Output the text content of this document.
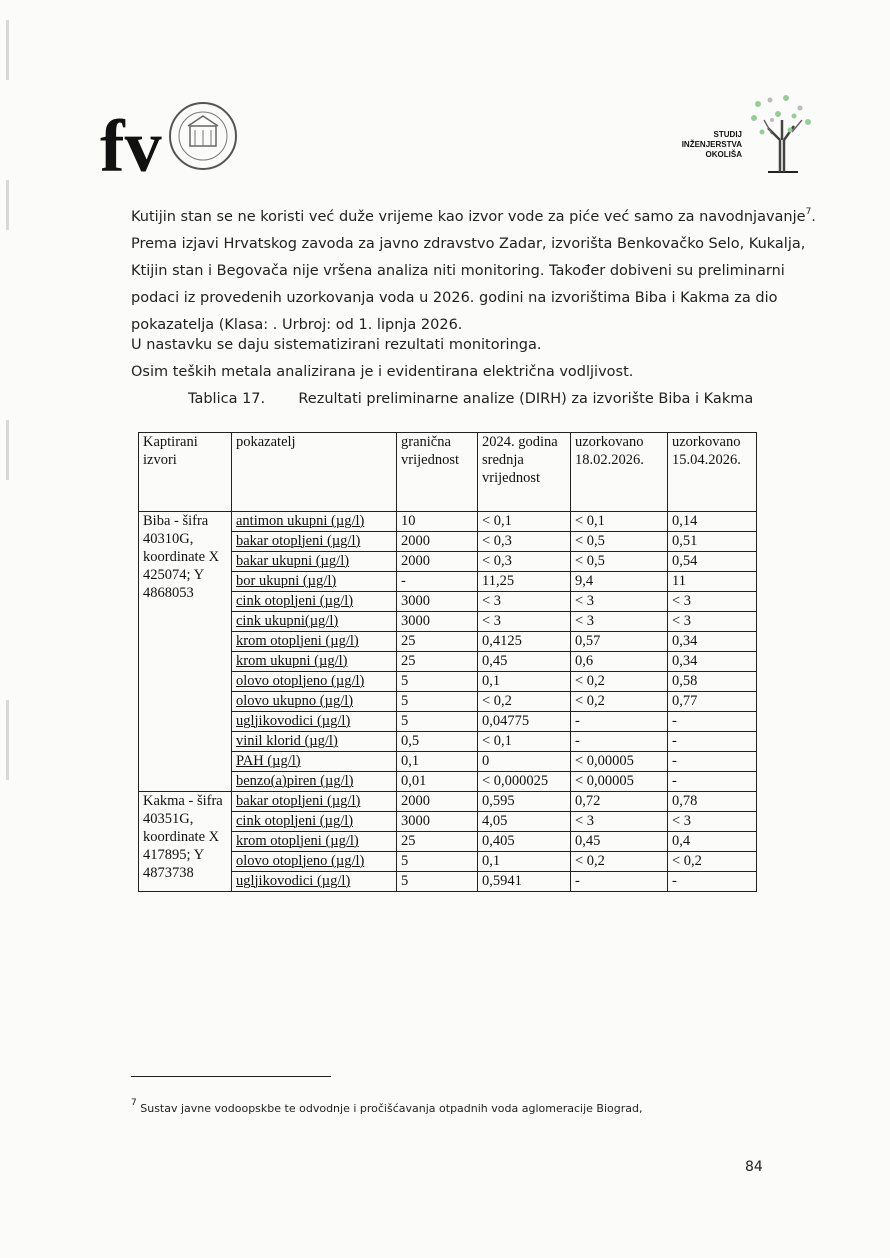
fv	STUDIJ
INŽENJERSTVA
OKOLIŠA

Kutijin stan se ne koristi već duže vrijeme kao izvor vode za piće već samo za navodnjavanje$^7$.

Prema izjavi Hrvatskog zavoda za javno zdravstvo Zadar, izvorišta Benkovačko Selo, Kukalja,

Ktijin stan i Begovača nije vršena analiza niti monitoring. Također dobiveni su preliminarni

podaci iz provedenih uzorkovanja voda u 2026. godini na izvorištima Biba i Kakma za dio

pokazatelja (Klasa: . Urbroj: od 1. lipnja 2026.

U nastavku se daju sistematizirani rezultati monitoringa.
Osim teških metala analizirana je i evidentirana električna vodljivost.
Tablica 17. Rezultati preliminarne analize (DIRH) za izvorište Biba i Kakma
Kaptirani izvori	pokazatelj	granična vrijednost	2024. godina srednja vrijednost	uzorkovano 18.02.2026.	uzorkovano 15.04.2026.
Biba - šifra 40310G, koordinate X 425074; Y 4868053	antimon ukupni (µg/l)	10	< 0,1	< 0,1	0,14
	bakar otopljeni (µg/l)	2000	< 0,3	< 0,5	0,51
	bakar ukupni (µg/l)	2000	< 0,3	< 0,5	0,54
	bor ukupni (µg/l)	-	11,25	9,4	11
	cink otopljeni (µg/l)	3000	< 3	< 3	< 3
	cink ukupni(µg/l)	3000	< 3	< 3	< 3
	krom otopljeni (µg/l)	25	0,4125	0,57	0,34
	krom ukupni (µg/l)	25	0,45	0,6	0,34
	olovo otopljeno (µg/l)	5	0,1	< 0,2	0,58
	olovo ukupno (µg/l)	5	< 0,2	< 0,2	0,77
	ugljikovodici (µg/l)	5	0,04775	-	-
	vinil klorid (µg/l)	0,5	< 0,1	-	-
	PAH (µg/l)	0,1	0	< 0,00005	-
	benzo(a)piren (µg/l)	0,01	< 0,000025	< 0,00005	-
Kakma - šifra 40351G, koordinate X 417895; Y 4873738	bakar otopljeni (µg/l)	2000	0,595	0,72	0,78
	cink otopljeni (µg/l)	3000	4,05	< 3	< 3
	krom otopljeni (µg/l)	25	0,405	0,45	0,4
	olovo otopljeno (µg/l)	5	0,1	< 0,2	< 0,2
	ugljikovodici (µg/l)	5	0,5941	-	-
$^7$ Sustav javne vodoopskbe te odvodnje i pročišćavanja otpadnih voda aglomeracije Biograd,
84
